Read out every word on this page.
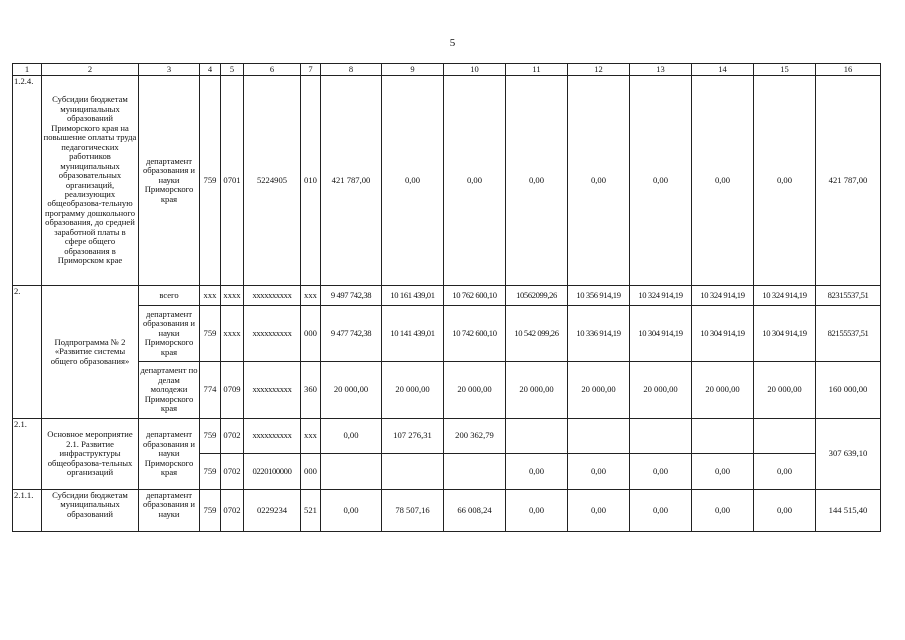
5
1	2	3	4	5	6	7	8	9	10	11	12	13	14	15	16
1.2.4.	Субсидии бюджетам муниципальных образований Приморского края на повышение оплаты труда педагогических работников муниципальных образовательных организаций, реализующих общеобразова-тельную программу дошкольного образования, до средней заработной платы в сфере общего образования в Приморском крае	департамент образования и науки Приморского края	759	0701	5224905	010	421 787,00	0,00	0,00	0,00	0,00	0,00	0,00	0,00	421 787,00
2.	Подпрограмма № 2 «Развитие системы общего образования»	всего	xxx	xxxx	xxxxxxxxxx	xxx	9 497 742,38	10 161 439,01	10 762 600,10	10562099,26	10 356 914,19	10 324 914,19	10 324 914,19	10 324 914,19	82315537,51
		департамент образования и науки Приморского края	759	xxxx	xxxxxxxxxx	000	9 477 742,38	10 141 439,01	10 742 600,10	10 542 099,26	10 336 914,19	10 304 914,19	10 304 914,19	10 304 914,19	82155537,51
		департамент по делам молодежи Приморского края	774	0709	xxxxxxxxxx	360	20 000,00	20 000,00	20 000,00	20 000,00	20 000,00	20 000,00	20 000,00	20 000,00	160 000,00
2.1.	Основное мероприятие 2.1. Развитие инфраструктуры общеобразова-тельных организаций	департамент образования и науки Приморского края	759	0702	xxxxxxxxxx	xxx	0,00	107 276,31	200 362,79						307 639,10
			759	0702	0220100000	000				0,00	0,00	0,00	0,00	0,00	
2.1.1.	Субсидии бюджетам муниципальных образований	департамент образования и науки	759	0702	0229234	521	0,00	78 507,16	66 008,24	0,00	0,00	0,00	0,00	0,00	144 515,40
